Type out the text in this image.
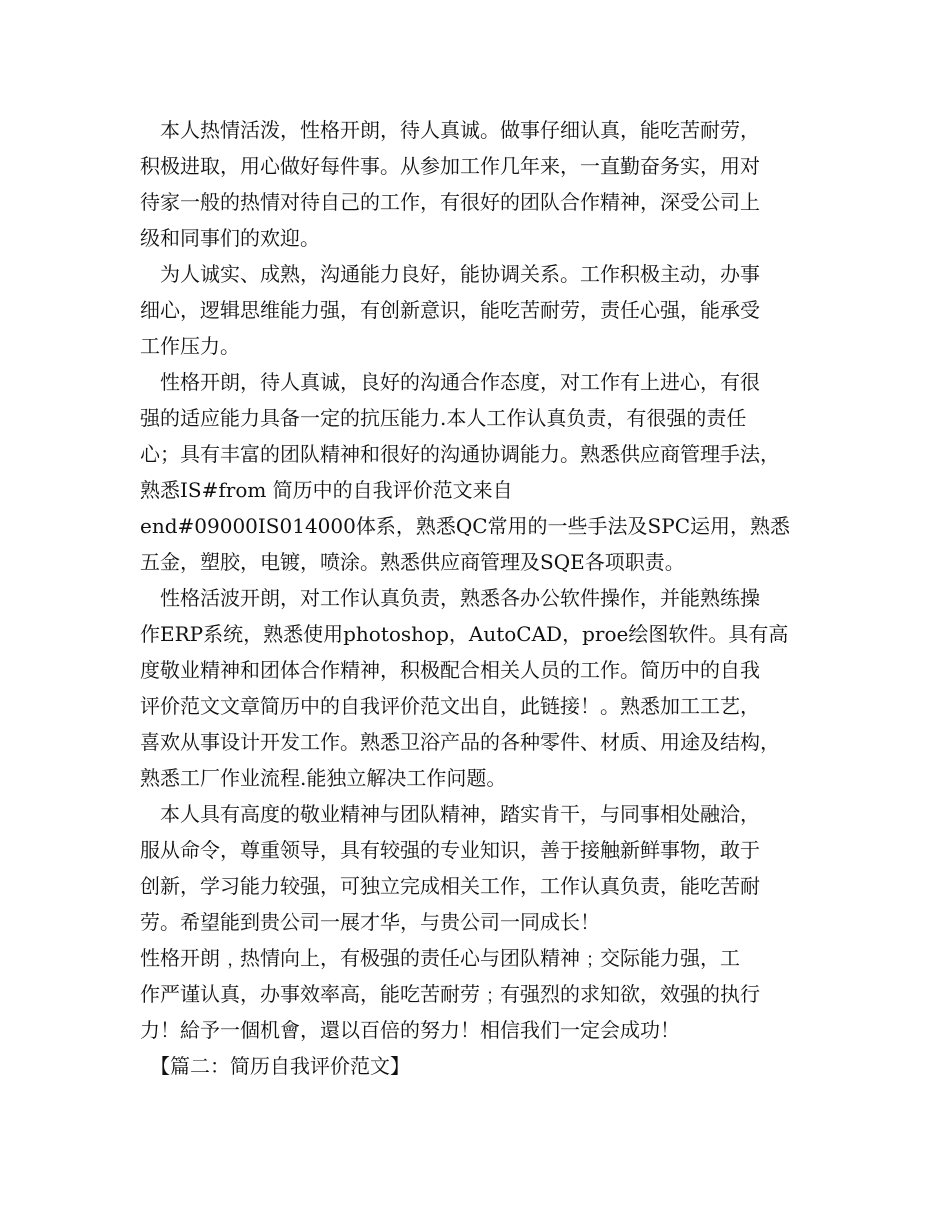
　本人热情活泼，性格开朗，待人真诚。做事仔细认真，能吃苦耐劳，
积极进取，用心做好每件事。从参加工作几年来，一直勤奋务实，用对
待家一般的热情对待自己的工作，有很好的团队合作精神，深受公司上
级和同事们的欢迎。
　为人诚实、成熟，沟通能力良好，能协调关系。工作积极主动，办事
细心，逻辑思维能力强，有创新意识，能吃苦耐劳，责任心强，能承受
工作压力。
　性格开朗，待人真诚，良好的沟通合作态度，对工作有上进心，有很
强的适应能力具备一定的抗压能力.本人工作认真负责，有很强的责任
心；具有丰富的团队精神和很好的沟通协调能力。熟悉供应商管理手法，
熟悉IS#from 简历中的自我评价范文来自
end#09000IS014000体系，熟悉QC常用的一些手法及SPC运用，熟悉
五金，塑胶，电镀，喷涂。熟悉供应商管理及SQE各项职责。
　性格活波开朗，对工作认真负责，熟悉各办公软件操作，并能熟练操
作ERP系统，熟悉使用photoshop，AutoCAD，proe绘图软件。具有高
度敬业精神和团体合作精神，积极配合相关人员的工作。简历中的自我
评价范文文章简历中的自我评价范文出自，此链接！。熟悉加工工艺，
喜欢从事设计开发工作。熟悉卫浴产品的各种零件、材质、用途及结构，
熟悉工厂作业流程.能独立解决工作问题。
　本人具有高度的敬业精神与团队精神，踏实肯干，与同事相处融洽，
服从命令，尊重领导，具有较强的专业知识，善于接触新鲜事物，敢于
创新，学习能力较强，可独立完成相关工作，工作认真负责，能吃苦耐
劳。希望能到贵公司一展才华，与贵公司一同成长！
性格开朗﹐热情向上，有极强的责任心与团队精神﹔交际能力强，工
作严谨认真，办事效率高，能吃苦耐劳﹔有强烈的求知欲，效强的执行
力！給予一個机會，還以百倍的努力！相信我们一定会成功！
　【篇二：简历自我评价范文】
